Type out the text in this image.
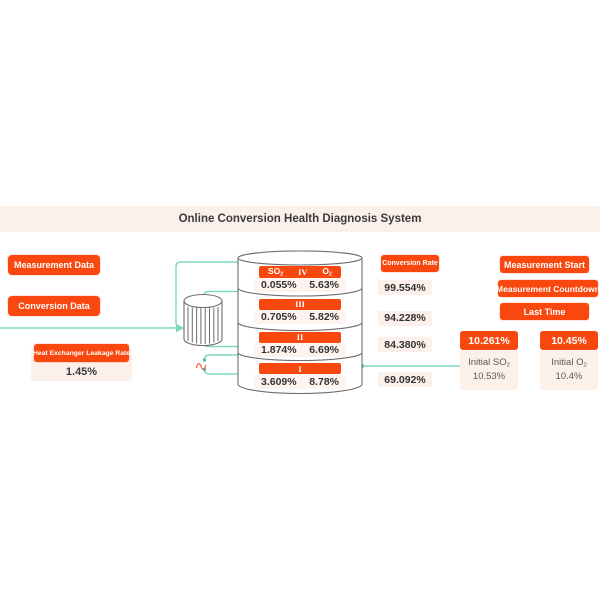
Online Conversion Health Diagnosis System
Measurement Data
Conversion Data
Heat Exchanger Leakage Rate
1.45%
$SO_2$ IV $O_2$
0.055% 5.63%
III
0.705% 5.82%
II
1.874% 6.69%
I
3.609% 8.78%
Conversion Rate
99.554%
94.228%
84.380%
69.092%
Measurement Start
Measurement Countdown
Last Time
10.261%
Initial $SO_2$
10.53%
10.45%
Initial $O_2$
10.4%
